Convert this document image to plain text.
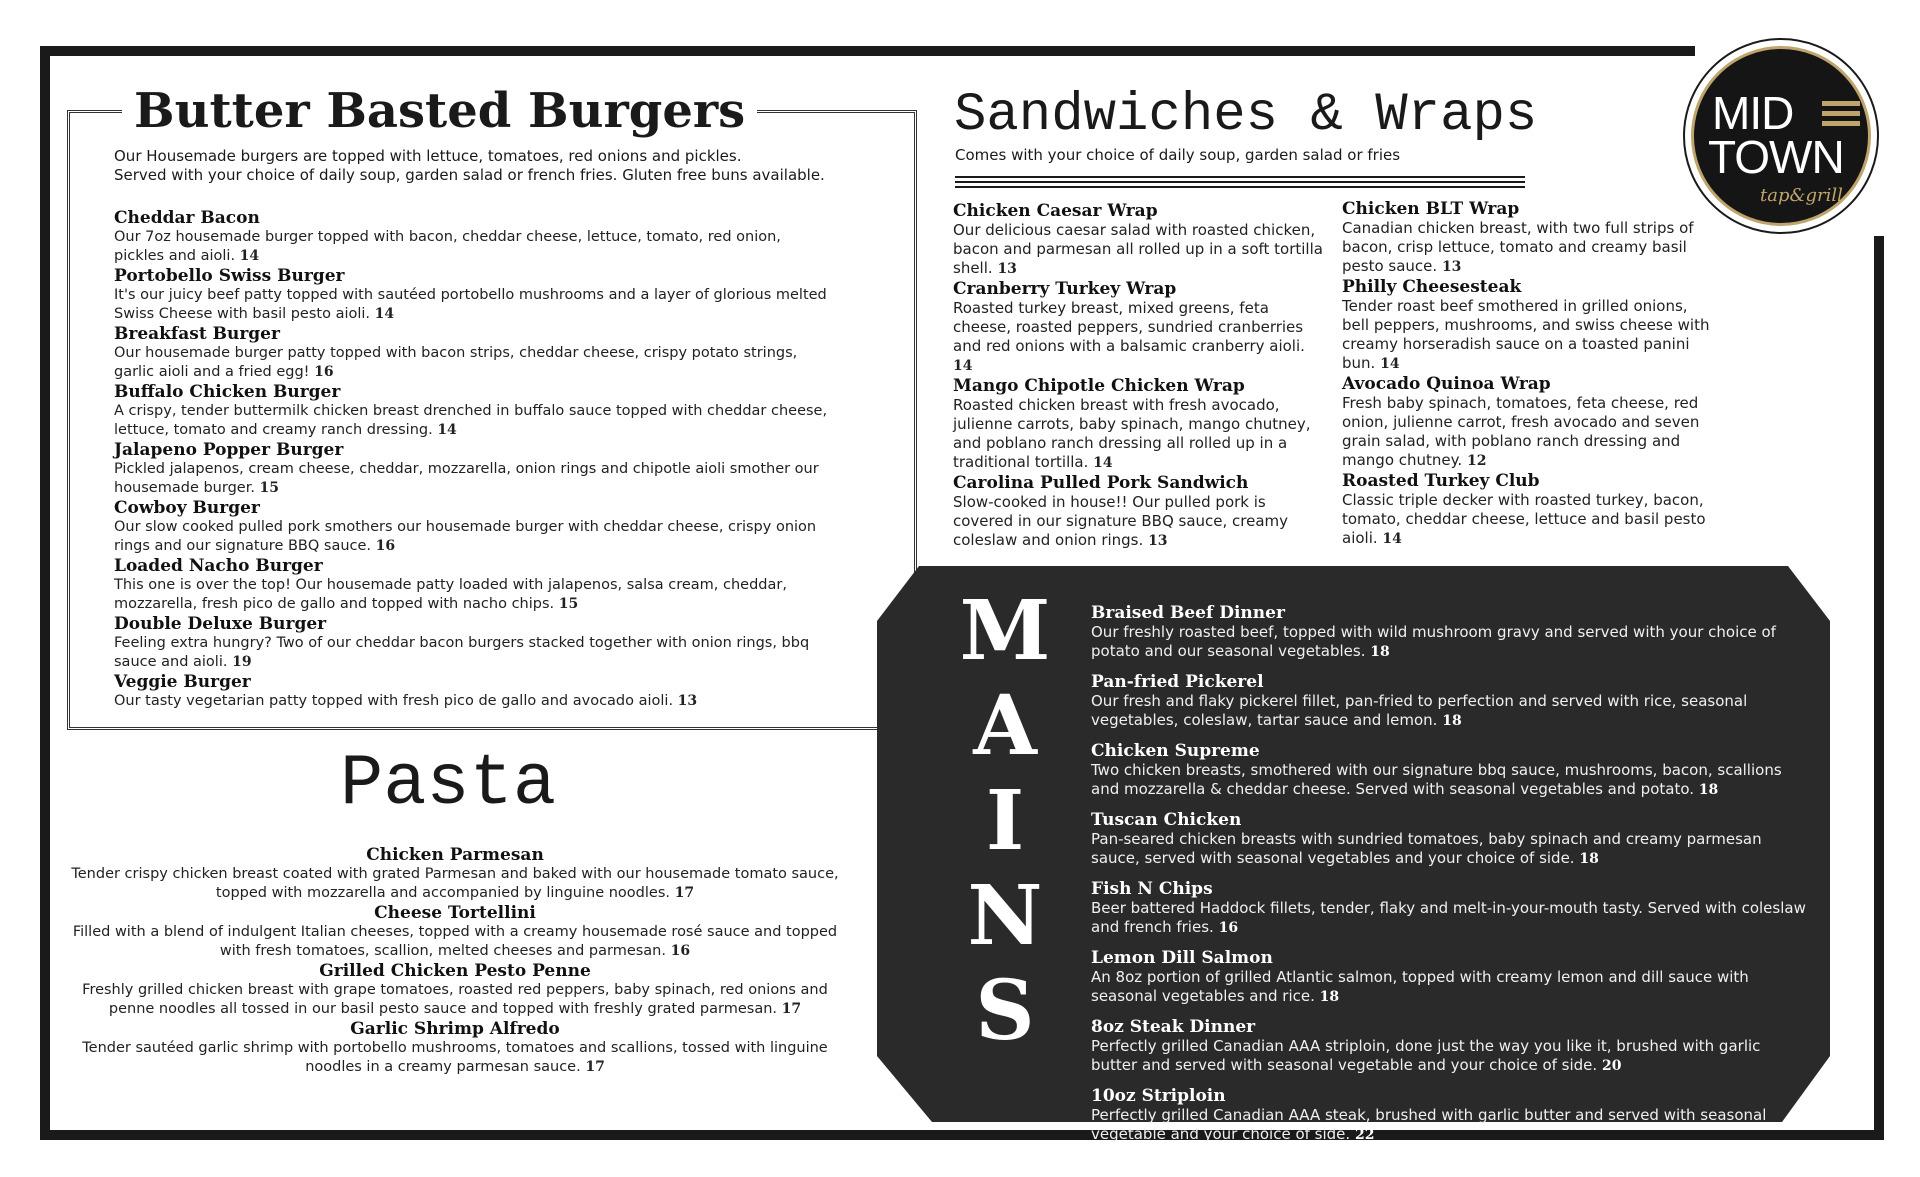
Butter Basted Burgers
Our Housemade burgers are topped with lettuce, tomatoes, red onions and pickles.
Served with your choice of daily soup, garden salad or french fries. Gluten free buns available.
Cheddar Bacon
Our 7oz housemade burger topped with bacon, cheddar cheese, lettuce, tomato, red onion, pickles and aioli. 14
Portobello Swiss Burger
It's our juicy beef patty topped with sautéed portobello mushrooms and a layer of glorious melted Swiss Cheese with basil pesto aioli. 14
Breakfast Burger
Our housemade burger patty topped with bacon strips, cheddar cheese, crispy potato strings, garlic aioli and a fried egg! 16
Buffalo Chicken Burger
A crispy, tender buttermilk chicken breast drenched in buffalo sauce topped with cheddar cheese, lettuce, tomato and creamy ranch dressing. 14
Jalapeno Popper Burger
Pickled jalapenos, cream cheese, cheddar, mozzarella, onion rings and chipotle aioli smother our housemade burger. 15
Cowboy Burger
Our slow cooked pulled pork smothers our housemade burger with cheddar cheese, crispy onion rings and our signature BBQ sauce. 16
Loaded Nacho Burger
This one is over the top! Our housemade patty loaded with jalapenos, salsa cream, cheddar, mozzarella, fresh pico de gallo and topped with nacho chips. 15
Double Deluxe Burger
Feeling extra hungry? Two of our cheddar bacon burgers stacked together with onion rings, bbq sauce and aioli. 19
Veggie Burger
Our tasty vegetarian patty topped with fresh pico de gallo and avocado aioli. 13
Pasta
Chicken Parmesan
Tender crispy chicken breast coated with grated Parmesan and baked with our housemade tomato sauce, topped with mozzarella and accompanied by linguine noodles. 17
Cheese Tortellini
Filled with a blend of indulgent Italian cheeses, topped with a creamy housemade rosé sauce and topped with fresh tomatoes, scallion, melted cheeses and parmesan. 16
Grilled Chicken Pesto Penne
Freshly grilled chicken breast with grape tomatoes, roasted red peppers, baby spinach, red onions and penne noodles all tossed in our basil pesto sauce and topped with freshly grated parmesan. 17
Garlic Shrimp Alfredo
Tender sautéed garlic shrimp with portobello mushrooms, tomatoes and scallions, tossed with linguine noodles in a creamy parmesan sauce. 17
Sandwiches & Wraps
Comes with your choice of daily soup, garden salad or fries
Chicken Caesar Wrap
Our delicious caesar salad with roasted chicken, bacon and parmesan all rolled up in a soft tortilla shell. 13
Cranberry Turkey Wrap
Roasted turkey breast, mixed greens, feta cheese, roasted peppers, sundried cranberries and red onions with a balsamic cranberry aioli. 14
Mango Chipotle Chicken Wrap
Roasted chicken breast with fresh avocado, julienne carrots, baby spinach, mango chutney, and poblano ranch dressing all rolled up in a traditional tortilla. 14
Carolina Pulled Pork Sandwich
Slow-cooked in house!! Our pulled pork is covered in our signature BBQ sauce, creamy coleslaw and onion rings. 13
Chicken BLT Wrap
Canadian chicken breast, with two full strips of bacon, crisp lettuce, tomato and creamy basil pesto sauce. 13
Philly Cheesesteak
Tender roast beef smothered in grilled onions, bell peppers, mushrooms, and swiss cheese with creamy horseradish sauce on a toasted panini bun. 14
Avocado Quinoa Wrap
Fresh baby spinach, tomatoes, feta cheese, red onion, julienne carrot, fresh avocado and seven grain salad, with poblano ranch dressing and mango chutney. 12
Roasted Turkey Club
Classic triple decker with roasted turkey, bacon, tomato, cheddar cheese, lettuce and basil pesto aioli. 14
MID
TOWN
tap&grill
M
A
I
N
S
Braised Beef Dinner
Our freshly roasted beef, topped with wild mushroom gravy and served with your choice of potato and our seasonal vegetables. 18
Pan-fried Pickerel
Our fresh and flaky pickerel fillet, pan-fried to perfection and served with rice, seasonal vegetables, coleslaw, tartar sauce and lemon. 18
Chicken Supreme
Two chicken breasts, smothered with our signature bbq sauce, mushrooms, bacon, scallions and mozzarella & cheddar cheese. Served with seasonal vegetables and potato. 18
Tuscan Chicken
Pan-seared chicken breasts with sundried tomatoes, baby spinach and creamy parmesan sauce, served with seasonal vegetables and your choice of side. 18
Fish N Chips
Beer battered Haddock fillets, tender, flaky and melt-in-your-mouth tasty. Served with coleslaw and french fries. 16
Lemon Dill Salmon
An 8oz portion of grilled Atlantic salmon, topped with creamy lemon and dill sauce with seasonal vegetables and rice. 18
8oz Steak Dinner
Perfectly grilled Canadian AAA striploin, done just the way you like it, brushed with garlic butter and served with seasonal vegetable and your choice of side. 20
10oz Striploin
Perfectly grilled Canadian AAA steak, brushed with garlic butter and served with seasonal vegetable and your choice of side. 22
